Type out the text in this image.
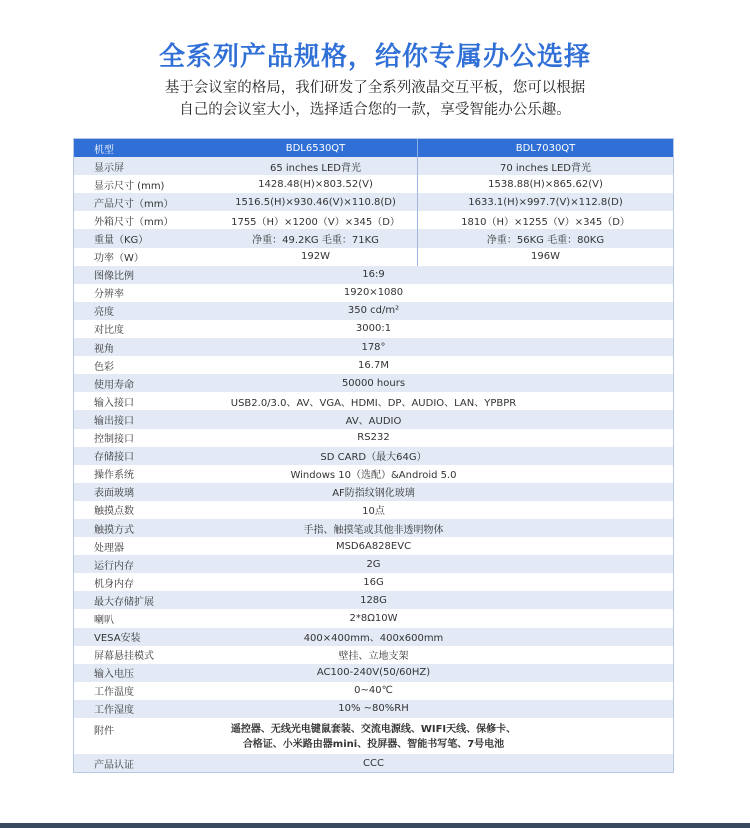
全系列产品规格，给你专属办公选择
基于会议室的格局，我们研发了全系列液晶交互平板，您可以根据
自己的会议室大小，选择适合您的一款，享受智能办公乐趣。
机型	BDL6530QT	BDL7030QT
显示屏	65 inches LED背光	70 inches LED背光
显示尺寸 (mm)	1428.48(H)×803.52(V)	1538.88(H)×865.62(V)
产品尺寸（mm）	1516.5(H)×930.46(V)×110.8(D)	1633.1(H)×997.7(V)×112.8(D)
外箱尺寸（mm）	1755（H）×1200（V）×345（D）	1810（H）×1255（V）×345（D）
重量（KG）	净重：49.2KG 毛重：71KG	净重：56KG 毛重：80KG
功率（W）	192W	196W
图像比例	16:9
分辨率	1920×1080
亮度	350 cd/m²
对比度	3000:1
视角	178°
色彩	16.7M
使用寿命	50000 hours
输入接口	USB2.0/3.0、AV、VGA、HDMI、DP、AUDIO、LAN、YPBPR
输出接口	AV、AUDIO
控制接口	RS232
存储接口	SD CARD（最大64G）
操作系统	Windows 10（选配）&Android 5.0
表面玻璃	AF防指纹钢化玻璃
触摸点数	10点
触摸方式	手指、触摸笔或其他非透明物体
处理器	MSD6A828EVC
运行内存	2G
机身内存	16G
最大存储扩展	128G
喇叭	2*8Ω10W
VESA安装	400×400mm、400x600mm
屏幕悬挂模式	壁挂、立地支架
输入电压	AC100-240V(50/60HZ)
工作温度	0~40℃
工作湿度	10% ~80%RH
附件	遥控器、无线光电键鼠套装、交流电源线、WIFI天线、保修卡、
合格证、小米路由器mini、投屏器、智能书写笔、7号电池
产品认证	CCC
